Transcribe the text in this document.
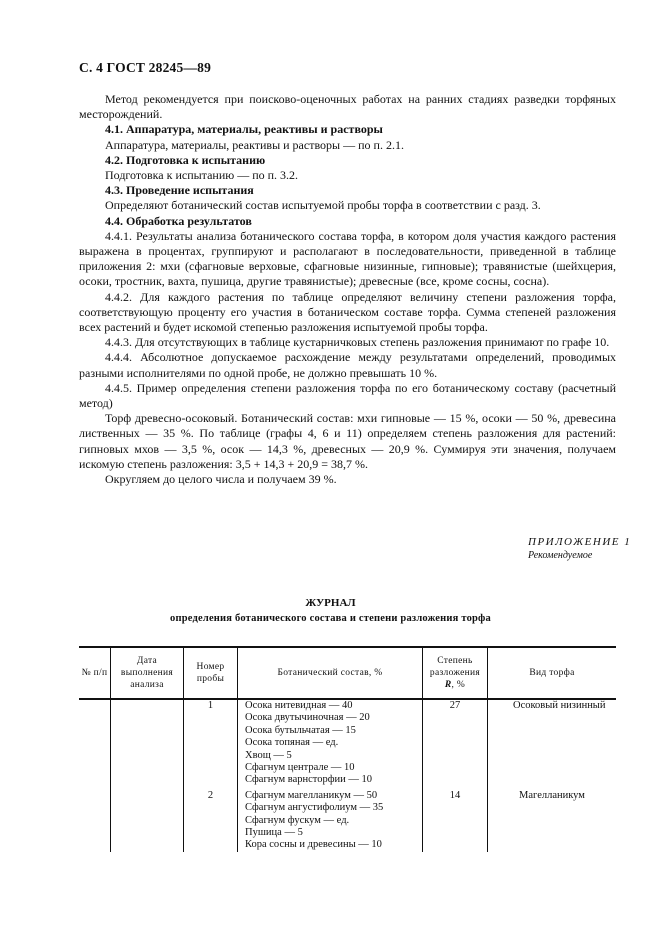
С. 4 ГОСТ 28245—89

Метод рекомендуется при поисково-оценочных работах на ранних стадиях разведки торфяных месторождений.

4.1. Аппаратура, материалы, реактивы и растворы

Аппаратура, материалы, реактивы и растворы — по п. 2.1.

4.2. Подготовка к испытанию

Подготовка к испытанию — по п. 3.2.

4.3. Проведение испытания

Определяют ботанический состав испытуемой пробы торфа в соответствии с разд. 3.

4.4. Обработка результатов

4.4.1. Результаты анализа ботанического состава торфа, в котором доля участия каждого растения выражена в процентах, группируют и располагают в последовательности, приведенной в таблице приложения 2: мхи (сфагновые верховые, сфагновые низинные, гипновые); травянистые (шейхцерия, осоки, тростник, вахта, пушица, другие травянистые); древесные (все, кроме сосны, сосна).

4.4.2. Для каждого растения по таблице определяют величину степени разложения торфа, соответствующую проценту его участия в ботаническом составе торфа. Сумма степеней разложения всех растений и будет искомой степенью разложения испытуемой пробы торфа.

4.4.3. Для отсутствующих в таблице кустарничковых степень разложения принимают по графе 10.

4.4.4. Абсолютное допускаемое расхождение между результатами определений, проводимых разными исполнителями по одной пробе, не должно превышать 10 %.

4.4.5. Пример определения степени разложения торфа по его ботаническому составу (расчетный метод)

Торф древесно-осоковый. Ботанический состав: мхи гипновые — 15 %, осоки — 50 %, древесина лиственных — 35 %. По таблице (графы 4, 6 и 11) определяем степень разложения для растений: гипновых мхов — 3,5 %, осок — 14,3 %, древесных — 20,9 %. Суммируя эти значения, получаем искомую степень разложения: 3,5 + 14,3 + 20,9 = 38,7 %.

Округляем до целого числа и получаем 39 %.

ПРИЛОЖЕНИЕ 1
Рекомендуемое
ЖУРНАЛ
определения ботанического состава и степени разложения торфа
№ п/п	Дата выполнения анализа	Номер пробы	Ботанический состав, %	Степень разложения
R, %	Вид торфа
		1	Осока нитевидная — 40
Осока двутычиночная — 20
Осока бутыльчатая — 15
Осока топяная — ед.
Хвощ — 5
Сфагнум централе — 10
Сфагнум варнсторфии — 10
	27	Осоковый низинный
		2	Сфагнум магелланикум — 50
Сфагнум ангустифолиум — 35
Сфагнум фускум — ед.
Пушица — 5
Кора сосны и древесины — 10	14	Магелланикум
